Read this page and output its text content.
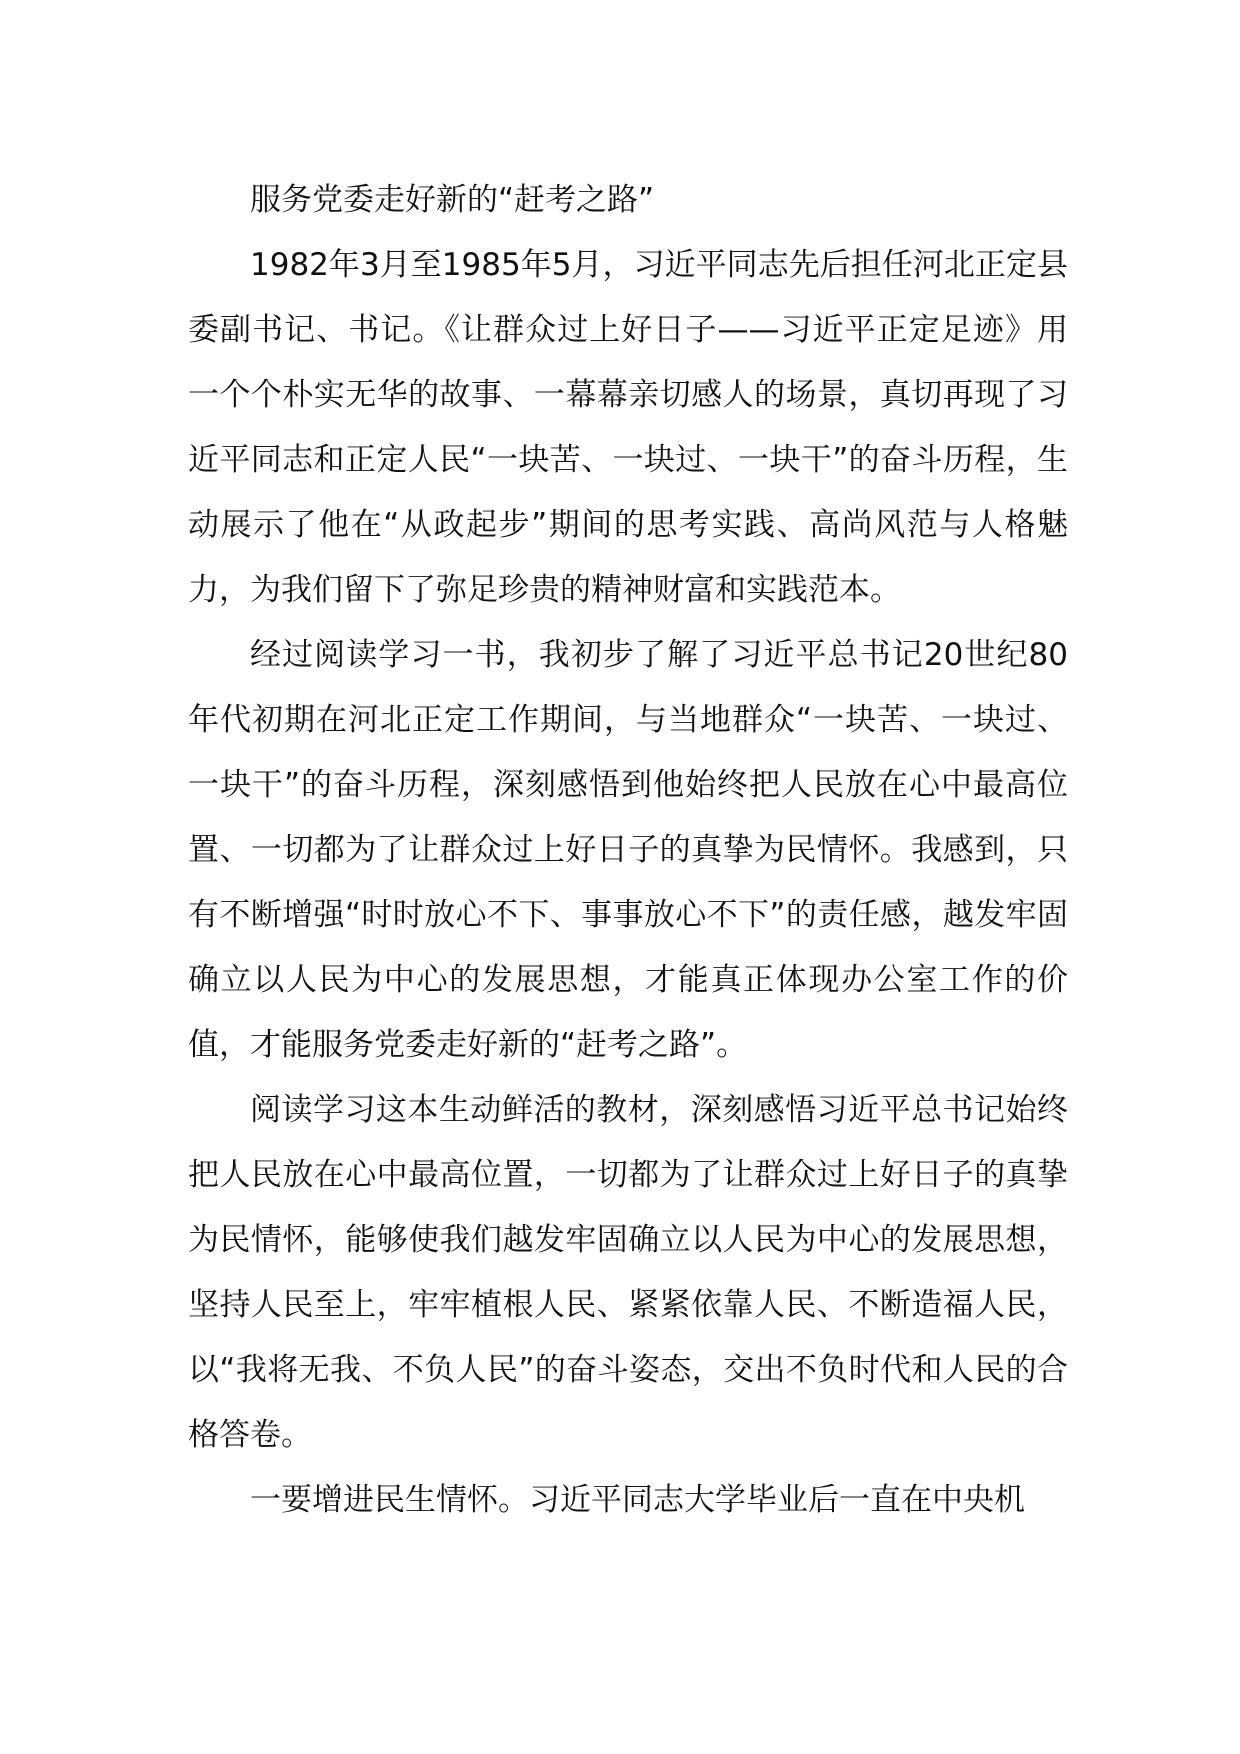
服务党委走好新的“赶考之路”

1982年3月至1985年5月，习近平同志先后担任河北正定县委副书记、书记。《让群众过上好日子——习近平正定足迹》用一个个朴实无华的故事、一幕幕亲切感人的场景，真切再现了习近平同志和正定人民“一块苦、一块过、一块干”的奋斗历程，生动展示了他在“从政起步”期间的思考实践、高尚风范与人格魅力，为我们留下了弥足珍贵的精神财富和实践范本。

经过阅读学习一书，我初步了解了习近平总书记20世纪80年代初期在河北正定工作期间，与当地群众“一块苦、一块过、一块干”的奋斗历程，深刻感悟到他始终把人民放在心中最高位置、一切都为了让群众过上好日子的真挚为民情怀。我感到，只有不断增强“时时放心不下、事事放心不下”的责任感，越发牢固确立以人民为中心的发展思想，才能真正体现办公室工作的价值，才能服务党委走好新的“赶考之路”。

阅读学习这本生动鲜活的教材，深刻感悟习近平总书记始终把人民放在心中最高位置，一切都为了让群众过上好日子的真挚为民情怀，能够使我们越发牢固确立以人民为中心的发展思想，坚持人民至上，牢牢植根人民、紧紧依靠人民、不断造福人民，以“我将无我、不负人民”的奋斗姿态，交出不负时代和人民的合格答卷。

一要增进民生情怀。习近平同志大学毕业后一直在中央机
